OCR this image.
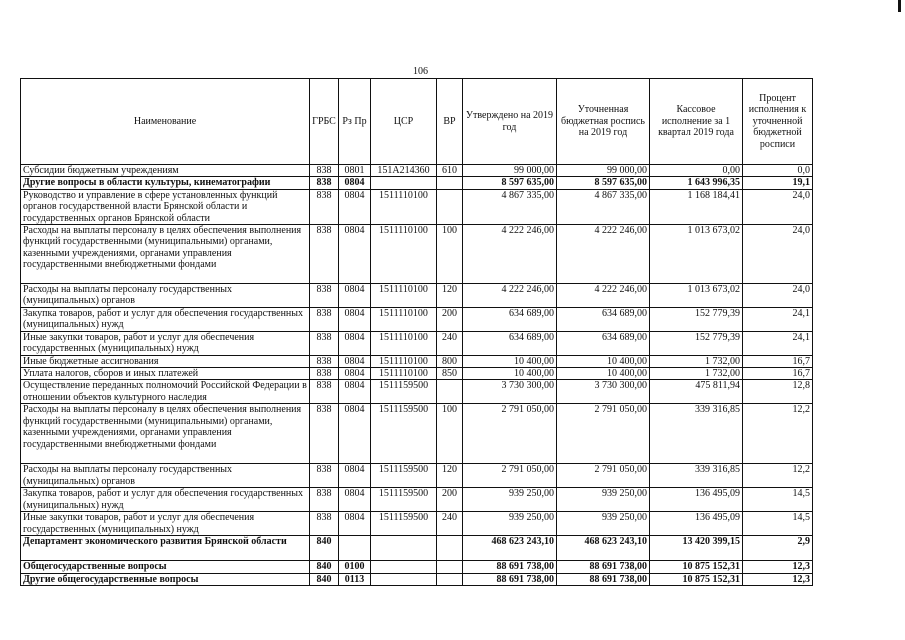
106
Наименование	ГРБС	Рз Пр	ЦСР	ВР	Утверждено на 2019 год	Уточненная бюджетная роспись на 2019 год	Кассовое исполнение за 1 квартал 2019 года	Процент исполнения к уточненной бюджетной росписи
Субсидии бюджетным учреждениям	838	0801	151А214360	610	99 000,00	99 000,00	0,00	0,0
Другие вопросы в области культуры, кинематографии	838	0804			8 597 635,00	8 597 635,00	1 643 996,35	19,1
Руководство и управление в сфере установленных функций органов государственной власти Брянской области и государственных органов Брянской области	838	0804	1511110100		4 867 335,00	4 867 335,00	1 168 184,41	24,0
Расходы на выплаты персоналу в целях обеспечения выполнения функций государственными (муниципальными) органами, казенными учреждениями, органами управления государственными внебюджетными фондами	838	0804	1511110100	100	4 222 246,00	4 222 246,00	1 013 673,02	24,0
Расходы на выплаты персоналу государственных (муниципальных) органов	838	0804	1511110100	120	4 222 246,00	4 222 246,00	1 013 673,02	24,0
Закупка товаров, работ и услуг для обеспечения государственных (муниципальных) нужд	838	0804	1511110100	200	634 689,00	634 689,00	152 779,39	24,1
Иные закупки товаров, работ и услуг для обеспечения государственных (муниципальных) нужд	838	0804	1511110100	240	634 689,00	634 689,00	152 779,39	24,1
Иные бюджетные ассигнования	838	0804	1511110100	800	10 400,00	10 400,00	1 732,00	16,7
Уплата налогов, сборов и иных платежей	838	0804	1511110100	850	10 400,00	10 400,00	1 732,00	16,7
Осуществление переданных полномочий Российской Федерации в отношении объектов культурного наследия	838	0804	1511159500		3 730 300,00	3 730 300,00	475 811,94	12,8
Расходы на выплаты персоналу в целях обеспечения выполнения функций государственными (муниципальными) органами, казенными учреждениями, органами управления государственными внебюджетными фондами	838	0804	1511159500	100	2 791 050,00	2 791 050,00	339 316,85	12,2
Расходы на выплаты персоналу государственных (муниципальных) органов	838	0804	1511159500	120	2 791 050,00	2 791 050,00	339 316,85	12,2
Закупка товаров, работ и услуг для обеспечения государственных (муниципальных) нужд	838	0804	1511159500	200	939 250,00	939 250,00	136 495,09	14,5
Иные закупки товаров, работ и услуг для обеспечения государственных (муниципальных) нужд	838	0804	1511159500	240	939 250,00	939 250,00	136 495,09	14,5
Департамент экономического развития Брянской области	840				468 623 243,10	468 623 243,10	13 420 399,15	2,9
Общегосударственные вопросы	840	0100			88 691 738,00	88 691 738,00	10 875 152,31	12,3
Другие общегосударственные вопросы	840	0113			88 691 738,00	88 691 738,00	10 875 152,31	12,3
